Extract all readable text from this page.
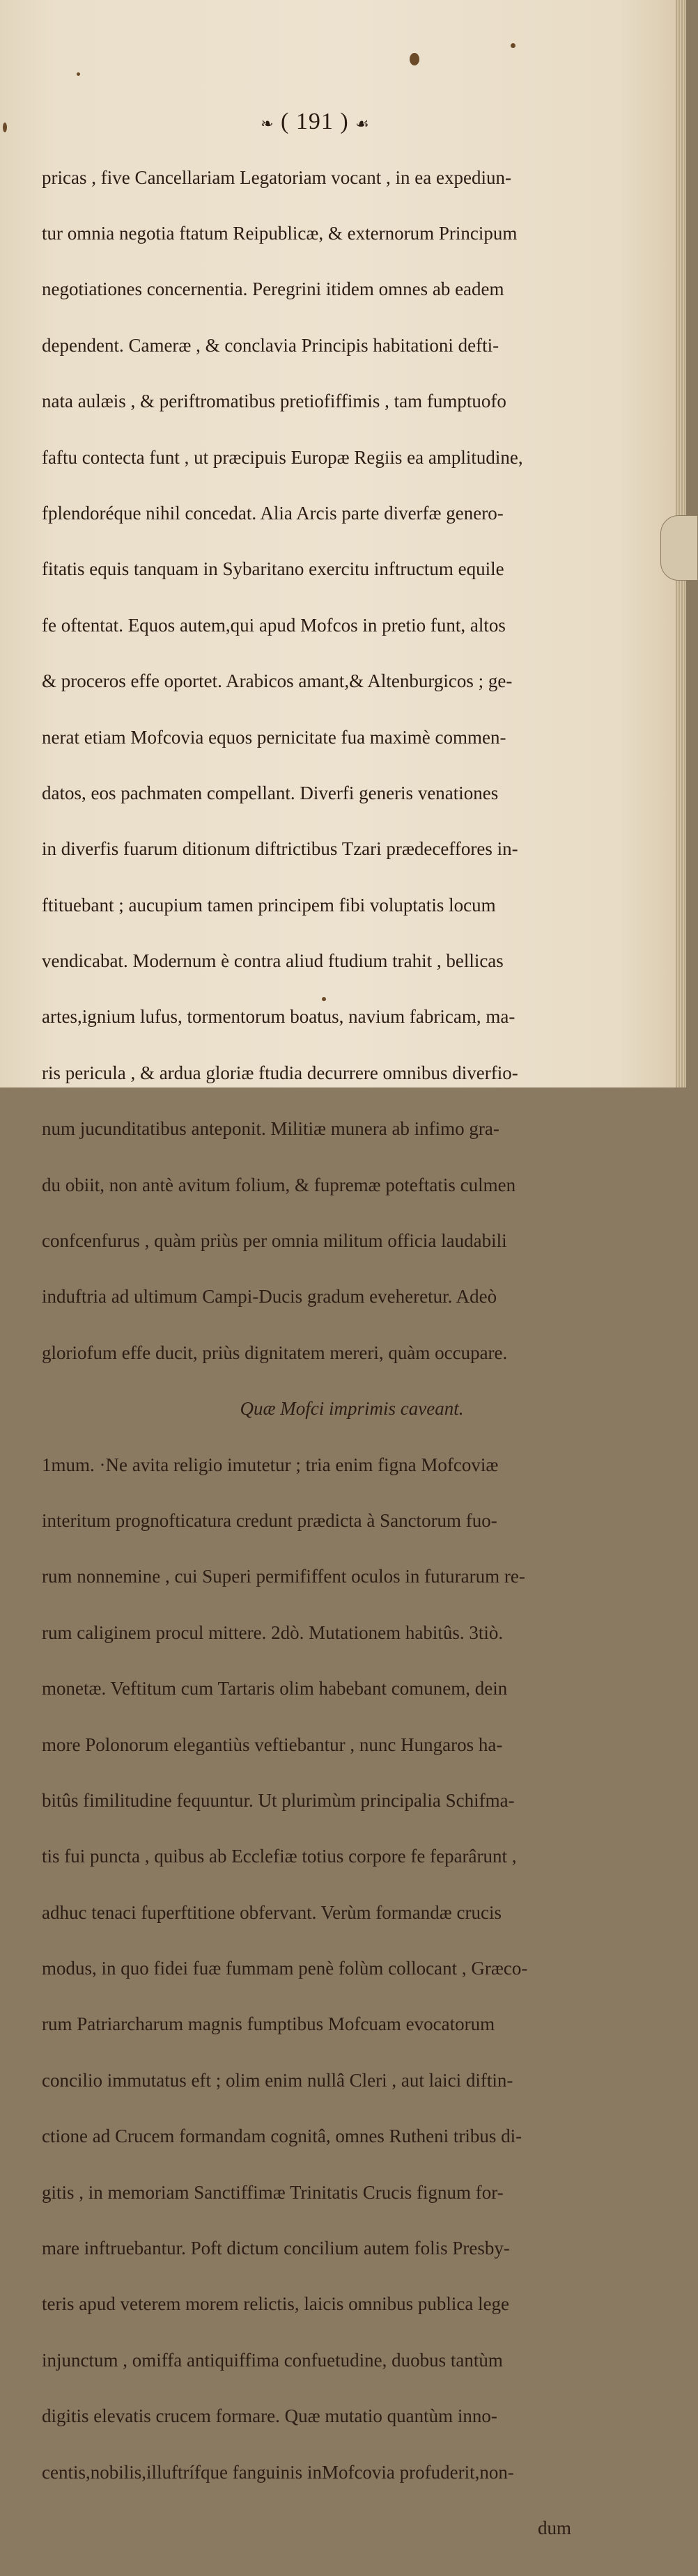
❧ ( 191 ) ☙

pricas , five Cancellariam Legatoriam vocant , in ea expediun-

tur omnia negotia ftatum Reipublicæ, & externorum Principum

negotiationes concernentia. Peregrini itidem omnes ab eadem

dependent. Cameræ , & conclavia Principis habitationi defti-

nata aulæis , & periftromatibus pretiofiffimis , tam fumptuofo

faftu contecta funt , ut præcipuis Europæ Regiis ea amplitudine,

fplendoréque nihil concedat. Alia Arcis parte diverfæ genero-

fitatis equis tanquam in Sybaritano exercitu inftructum equile

fe oftentat. Equos autem,qui apud Mofcos in pretio funt, altos

& proceros effe oportet. Arabicos amant,& Altenburgicos ; ge-

nerat etiam Mofcovia equos pernicitate fua maximè commen-

datos, eos pachmaten compellant. Diverfi generis venationes

in diverfis fuarum ditionum diftrictibus Tzari prædeceffores in-

ftituebant ; aucupium tamen principem fibi voluptatis locum

vendicabat. Modernum è contra aliud ftudium trahit , bellicas

artes,ignium lufus, tormentorum boatus, navium fabricam, ma-

ris pericula , & ardua gloriæ ftudia decurrere omnibus diverfio-

num jucunditatibus anteponit. Militiæ munera ab infimo gra-

du obiit, non antè avitum folium, & fupremæ poteftatis culmen

confcenfurus , quàm priùs per omnia militum officia laudabili

induftria ad ultimum Campi-Ducis gradum eveheretur. Adeò

gloriofum effe ducit, priùs dignitatem mereri, quàm occupare.

Quæ Mofci imprimis caveant.

1mum. ·Ne avita religio imutetur ; tria enim figna Mofcoviæ

interitum prognofticatura credunt prædicta à Sanctorum fuo-

rum nonnemine , cui Superi permififfent oculos in futurarum re-

rum caliginem procul mittere. 2dò. Mutationem habitûs. 3tiò.

monetæ. Veftitum cum Tartaris olim habebant comunem, dein

more Polonorum elegantiùs veftiebantur , nunc Hungaros ha-

bitûs fimilitudine fequuntur. Ut plurimùm principalia Schifma-

tis fui puncta , quibus ab Ecclefiæ totius corpore fe feparârunt ,

adhuc tenaci fuperftitione obfervant. Verùm formandæ crucis

modus, in quo fidei fuæ fummam penè folùm collocant , Græco-

rum Patriarcharum magnis fumptibus Mofcuam evocatorum

concilio immutatus eft ; olim enim nullâ Cleri , aut laici diftin-

ctione ad Crucem formandam cognitâ, omnes Rutheni tribus di-

gitis , in memoriam Sanctiffimæ Trinitatis Crucis fignum for-

mare inftruebantur. Poft dictum concilium autem folis Presby-

teris apud veterem morem relictis, laicis omnibus publica lege

injunctum , omiffa antiquiffima confuetudine, duobus tantùm

digitis elevatis crucem formare. Quæ mutatio quantùm inno-

centis,nobilis,illuftrífque fanguinis inMofcovia profuderit,non-

dum
